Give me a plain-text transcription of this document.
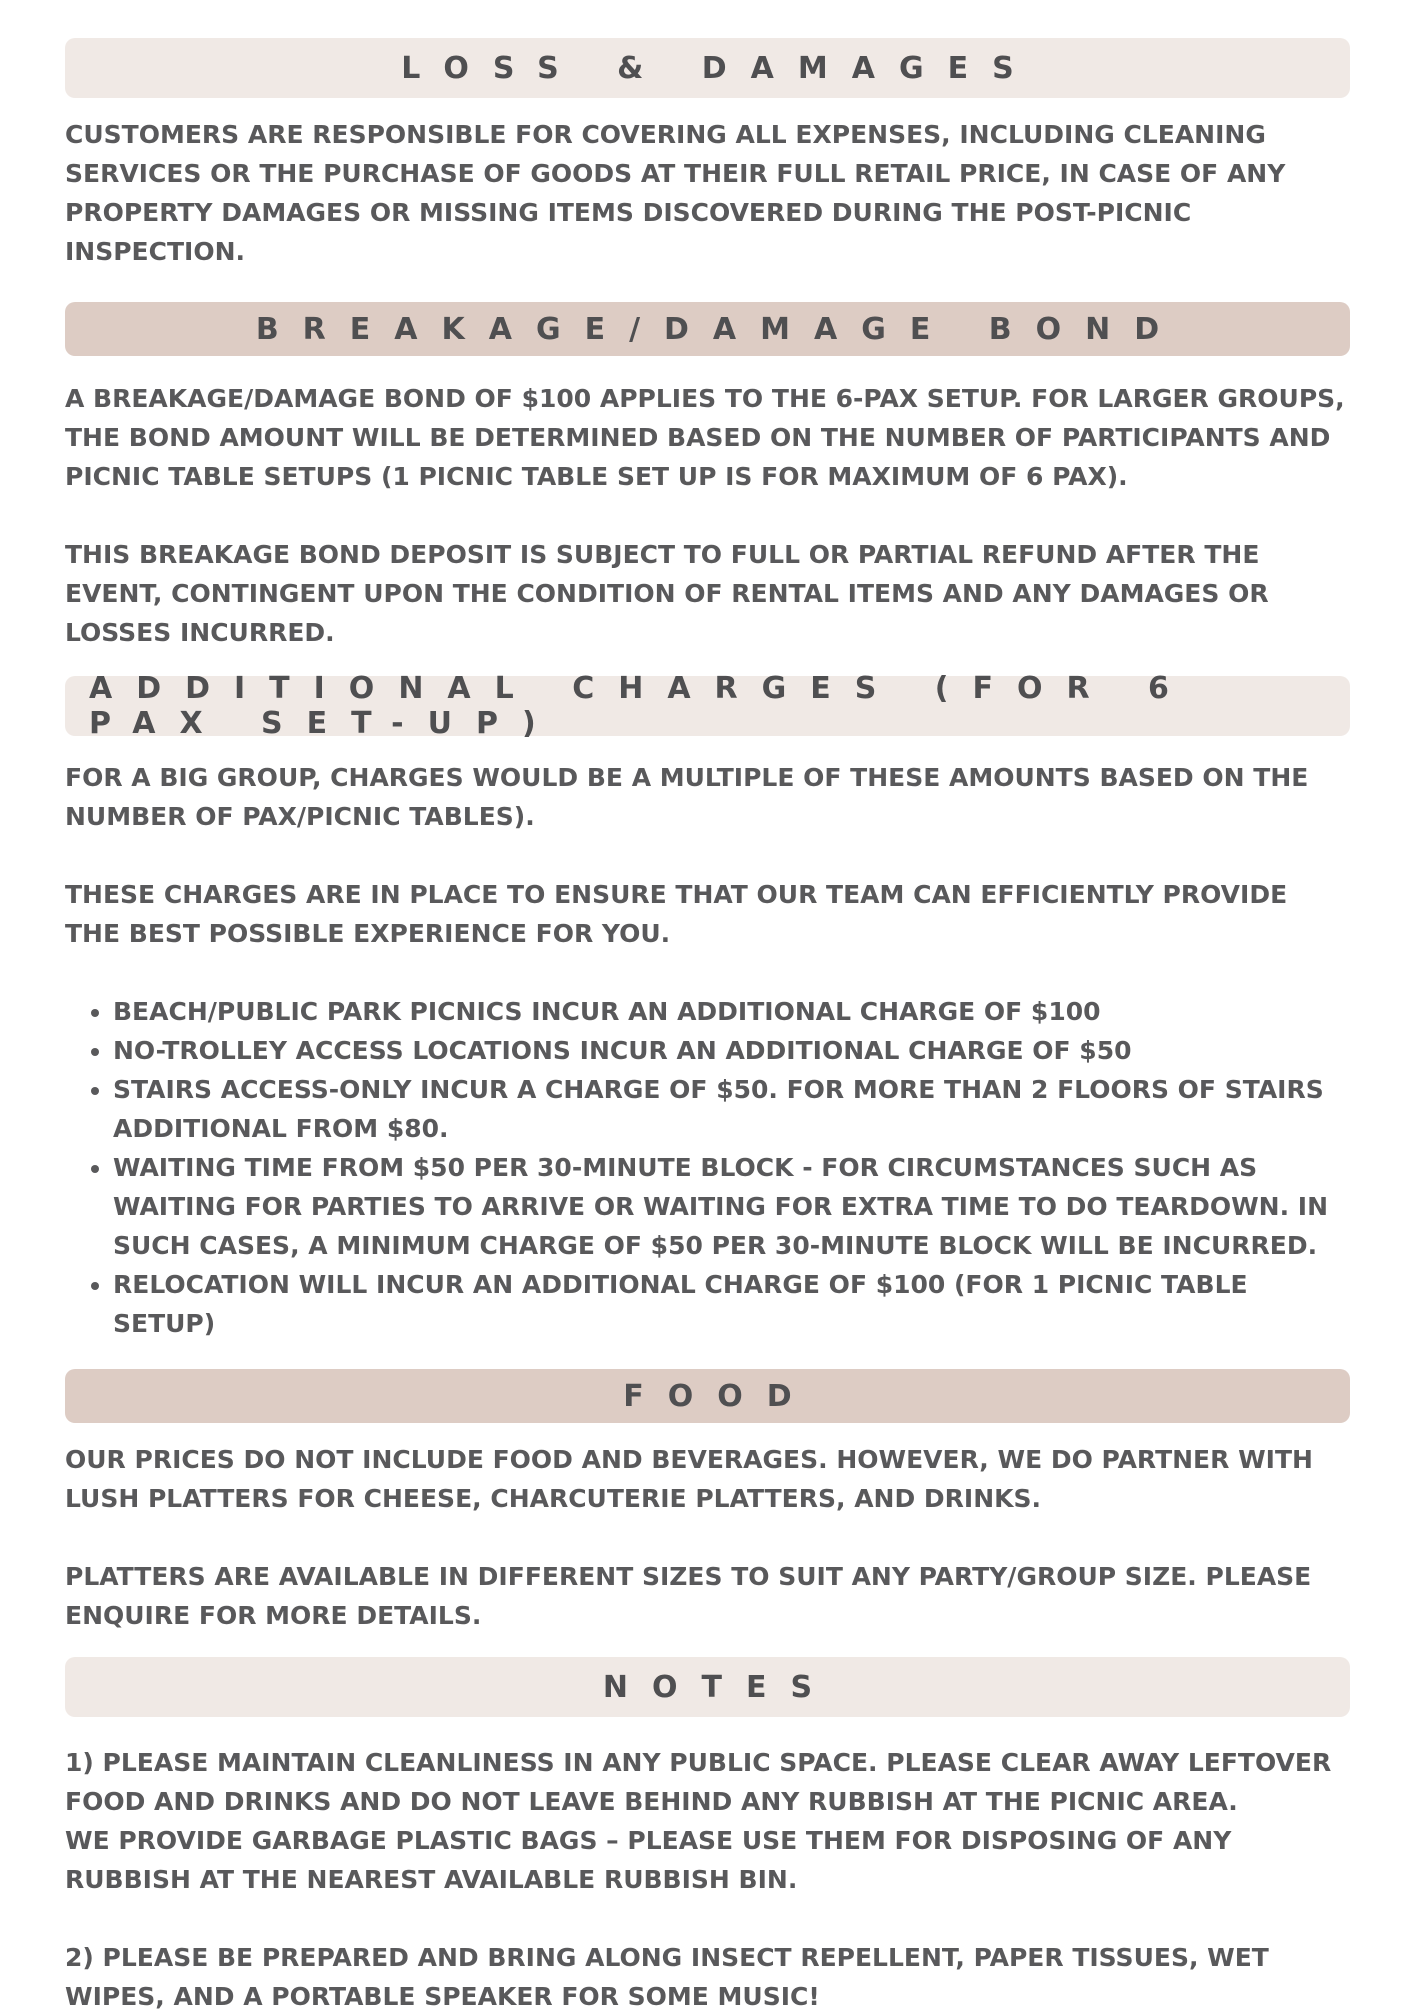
LOSS & DAMAGES

CUSTOMERS ARE RESPONSIBLE FOR COVERING ALL EXPENSES, INCLUDING CLEANING SERVICES OR THE PURCHASE OF GOODS AT THEIR FULL RETAIL PRICE, IN CASE OF ANY PROPERTY DAMAGES OR MISSING ITEMS DISCOVERED DURING THE POST-PICNIC INSPECTION.

BREAKAGE/DAMAGE BOND

A BREAKAGE/DAMAGE BOND OF $100 APPLIES TO THE 6-PAX SETUP. FOR LARGER GROUPS, THE BOND AMOUNT WILL BE DETERMINED BASED ON THE NUMBER OF PARTICIPANTS AND PICNIC TABLE SETUPS (1 PICNIC TABLE SET UP IS FOR MAXIMUM OF 6 PAX).

THIS BREAKAGE BOND DEPOSIT IS SUBJECT TO FULL OR PARTIAL REFUND AFTER THE EVENT, CONTINGENT UPON THE CONDITION OF RENTAL ITEMS AND ANY DAMAGES OR LOSSES INCURRED.

ADDITIONAL CHARGES (FOR 6 PAX SET-UP)

FOR A BIG GROUP, CHARGES WOULD BE A MULTIPLE OF THESE AMOUNTS BASED ON THE NUMBER OF PAX/PICNIC TABLES).

THESE CHARGES ARE IN PLACE TO ENSURE THAT OUR TEAM CAN EFFICIENTLY PROVIDE THE BEST POSSIBLE EXPERIENCE FOR YOU.

• BEACH/PUBLIC PARK PICNICS INCUR AN ADDITIONAL CHARGE OF $100
• NO-TROLLEY ACCESS LOCATIONS INCUR AN ADDITIONAL CHARGE OF $50
• STAIRS ACCESS-ONLY INCUR A CHARGE OF $50. FOR MORE THAN 2 FLOORS OF STAIRS ADDITIONAL FROM $80.
• WAITING TIME FROM $50 PER 30-MINUTE BLOCK - FOR CIRCUMSTANCES SUCH AS WAITING FOR PARTIES TO ARRIVE OR WAITING FOR EXTRA TIME TO DO TEARDOWN. IN SUCH CASES, A MINIMUM CHARGE OF $50 PER 30-MINUTE BLOCK WILL BE INCURRED.
• RELOCATION WILL INCUR AN ADDITIONAL CHARGE OF $100 (FOR 1 PICNIC TABLE SETUP)
FOOD

OUR PRICES DO NOT INCLUDE FOOD AND BEVERAGES. HOWEVER, WE DO PARTNER WITH LUSH PLATTERS FOR CHEESE, CHARCUTERIE PLATTERS, AND DRINKS.

PLATTERS ARE AVAILABLE IN DIFFERENT SIZES TO SUIT ANY PARTY/GROUP SIZE. PLEASE ENQUIRE FOR MORE DETAILS.

NOTES

1) PLEASE MAINTAIN CLEANLINESS IN ANY PUBLIC SPACE. PLEASE CLEAR AWAY LEFTOVER FOOD AND DRINKS AND DO NOT LEAVE BEHIND ANY RUBBISH AT THE PICNIC AREA.

WE PROVIDE GARBAGE PLASTIC BAGS – PLEASE USE THEM FOR DISPOSING OF ANY RUBBISH AT THE NEAREST AVAILABLE RUBBISH BIN.

2) PLEASE BE PREPARED AND BRING ALONG INSECT REPELLENT, PAPER TISSUES, WET WIPES, AND A PORTABLE SPEAKER FOR SOME MUSIC!
